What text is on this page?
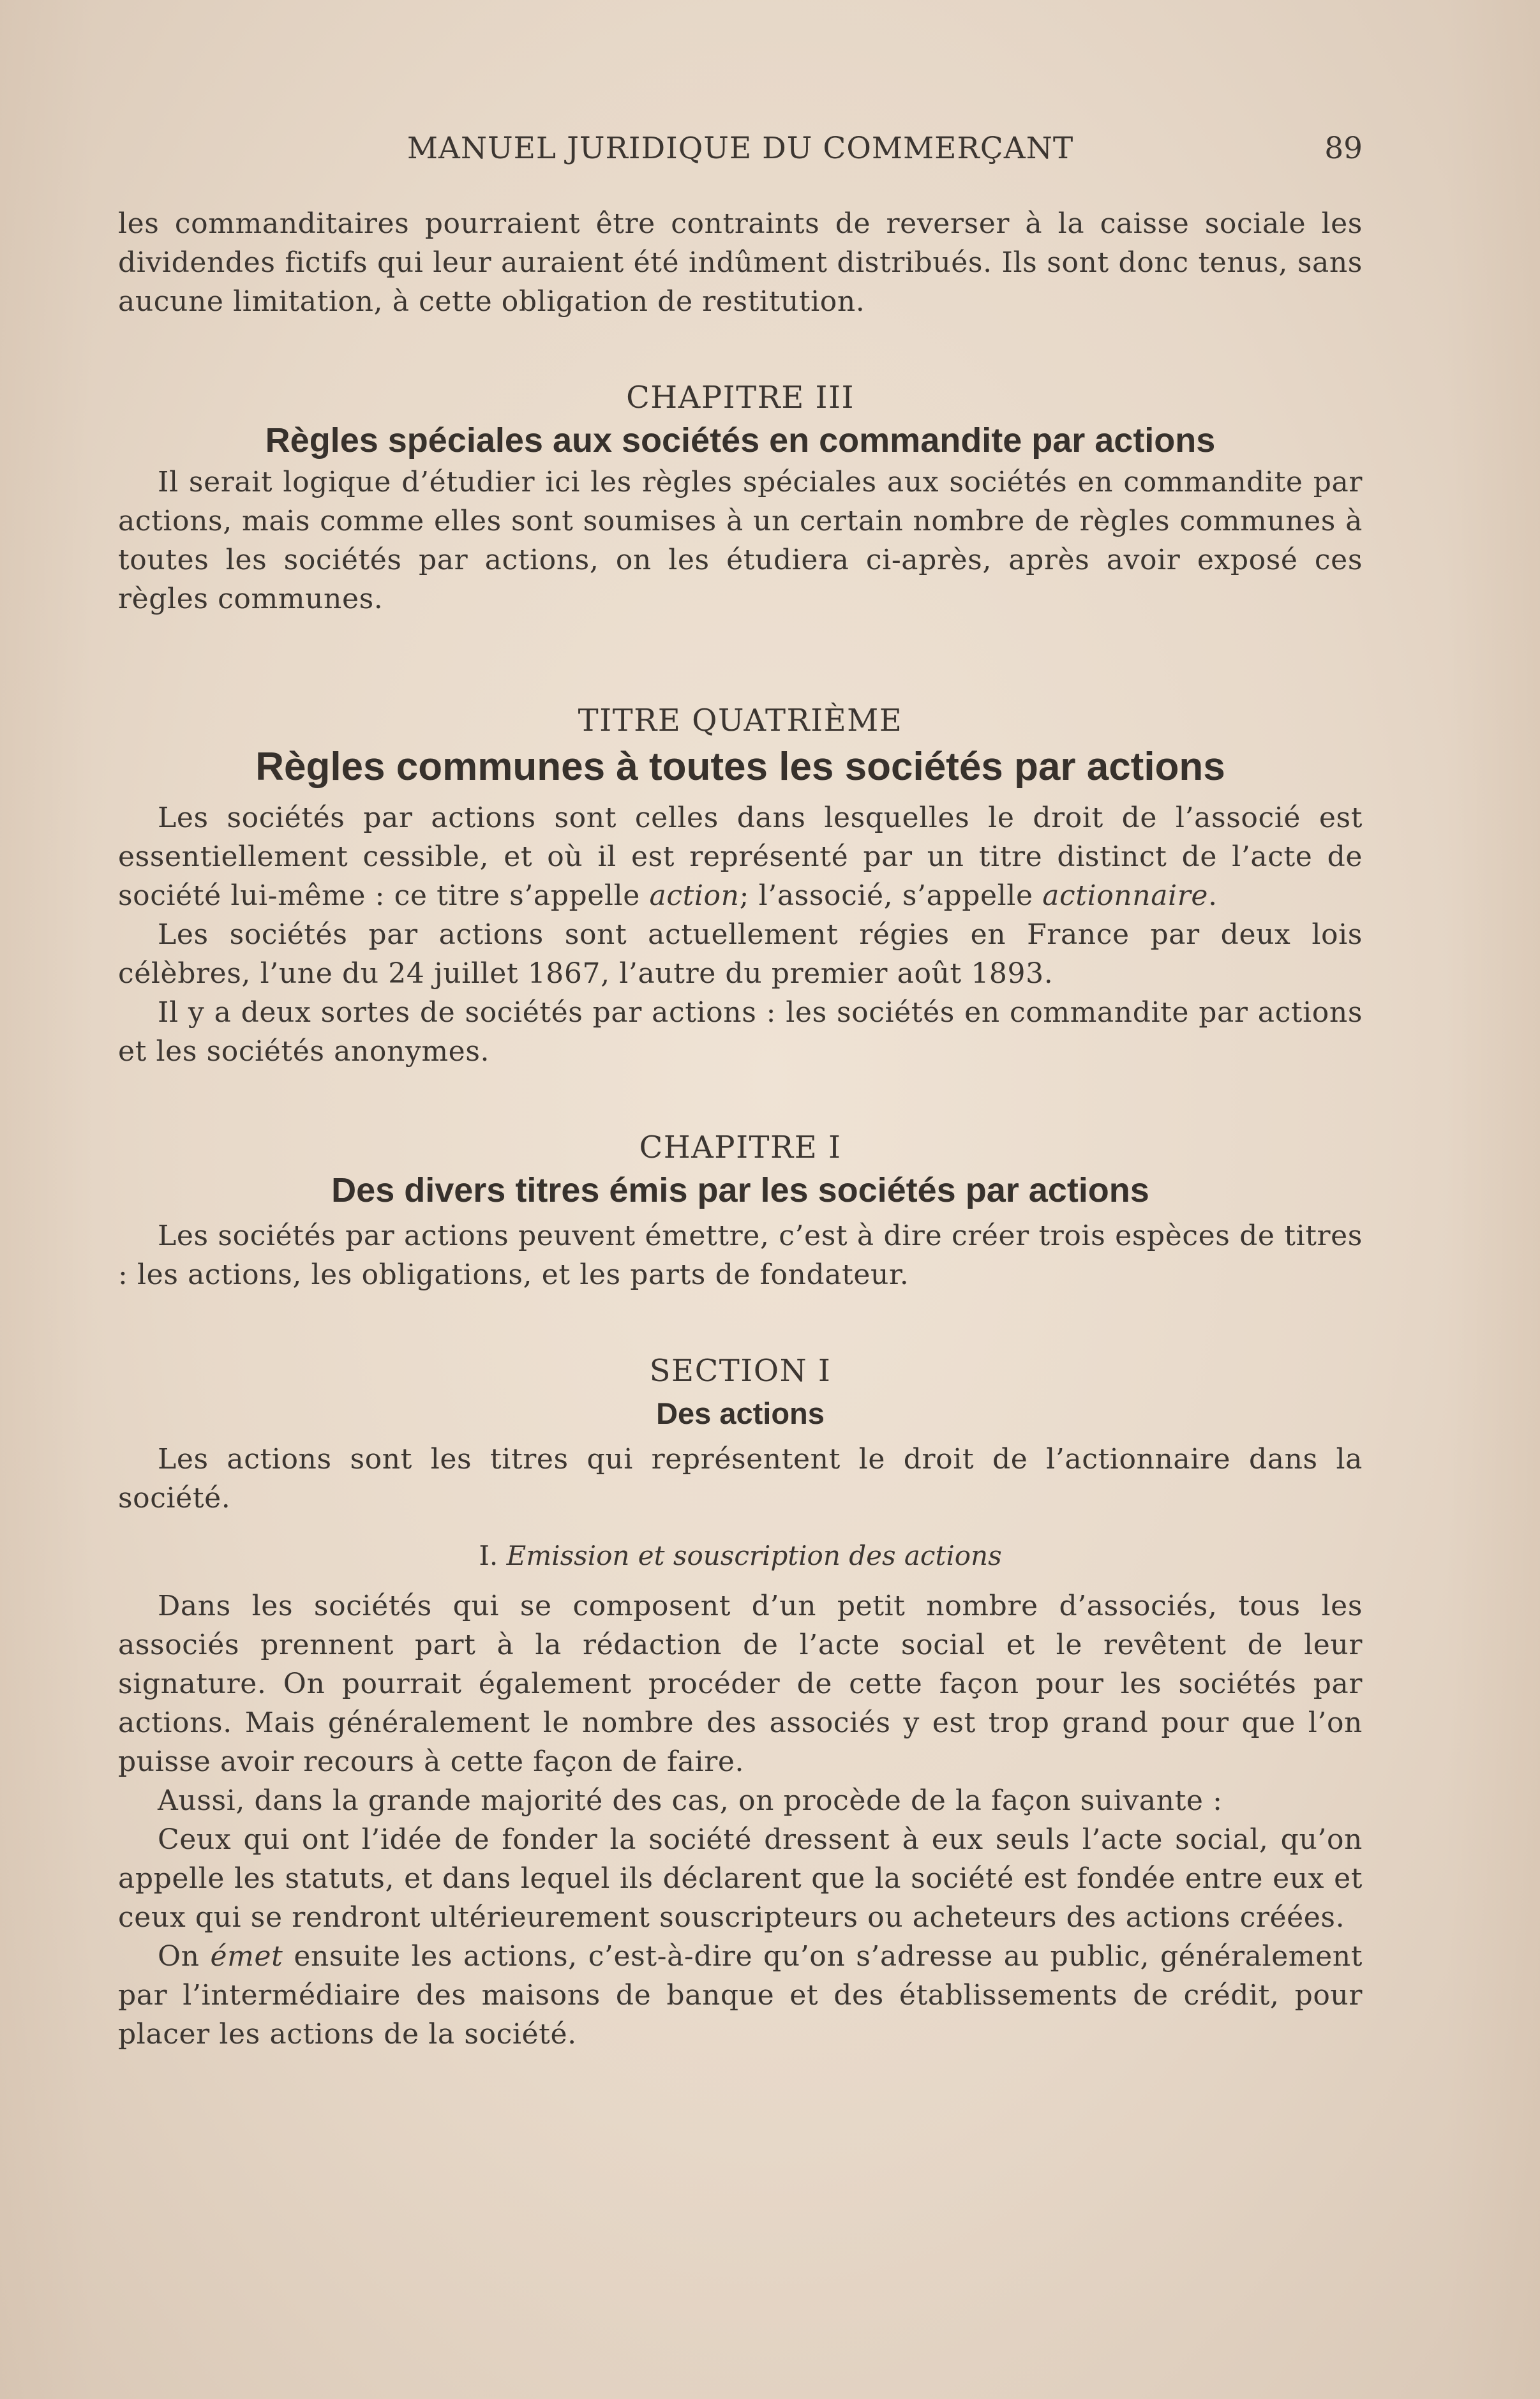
MANUEL JURIDIQUE DU COMMERÇANT	89

les commanditaires pourraient être contraints de reverser à la caisse sociale les dividendes fictifs qui leur auraient été indûment distribués. Ils sont donc tenus, sans aucune limitation, à cette obligation de restitution.

CHAPITRE III
Règles spéciales aux sociétés en commandite par actions

Il serait logique d’étudier ici les règles spéciales aux sociétés en commandite par actions, mais comme elles sont soumises à un certain nombre de règles communes à toutes les sociétés par actions, on les étudiera ci-après, après avoir exposé ces règles communes.

TITRE QUATRIÈME
Règles communes à toutes les sociétés par actions

Les sociétés par actions sont celles dans lesquelles le droit de l’associé est essentiellement cessible, et où il est représenté par un titre distinct de l’acte de société lui-même : ce titre s’appelle action; l’associé, s’appelle actionnaire.

Les sociétés par actions sont actuellement régies en France par deux lois célèbres, l’une du 24 juillet 1867, l’autre du premier août 1893.

Il y a deux sortes de sociétés par actions : les sociétés en commandite par actions et les sociétés anonymes.

CHAPITRE I
Des divers titres émis par les sociétés par actions

Les sociétés par actions peuvent émettre, c’est à dire créer trois espèces de titres : les actions, les obligations, et les parts de fondateur.

SECTION I
Des actions

Les actions sont les titres qui représentent le droit de l’actionnaire dans la société.

I. Emission et souscription des actions

Dans les sociétés qui se composent d’un petit nombre d’associés, tous les associés prennent part à la rédaction de l’acte social et le revêtent de leur signature. On pourrait également procéder de cette façon pour les sociétés par actions. Mais généralement le nombre des associés y est trop grand pour que l’on puisse avoir recours à cette façon de faire.

Aussi, dans la grande majorité des cas, on procède de la façon suivante :

Ceux qui ont l’idée de fonder la société dressent à eux seuls l’acte social, qu’on appelle les statuts, et dans lequel ils déclarent que la société est fondée entre eux et ceux qui se rendront ultérieurement souscripteurs ou acheteurs des actions créées.

On émet ensuite les actions, c’est-à-dire qu’on s’adresse au public, généralement par l’intermédiaire des maisons de banque et des établissements de crédit, pour placer les actions de la société.
